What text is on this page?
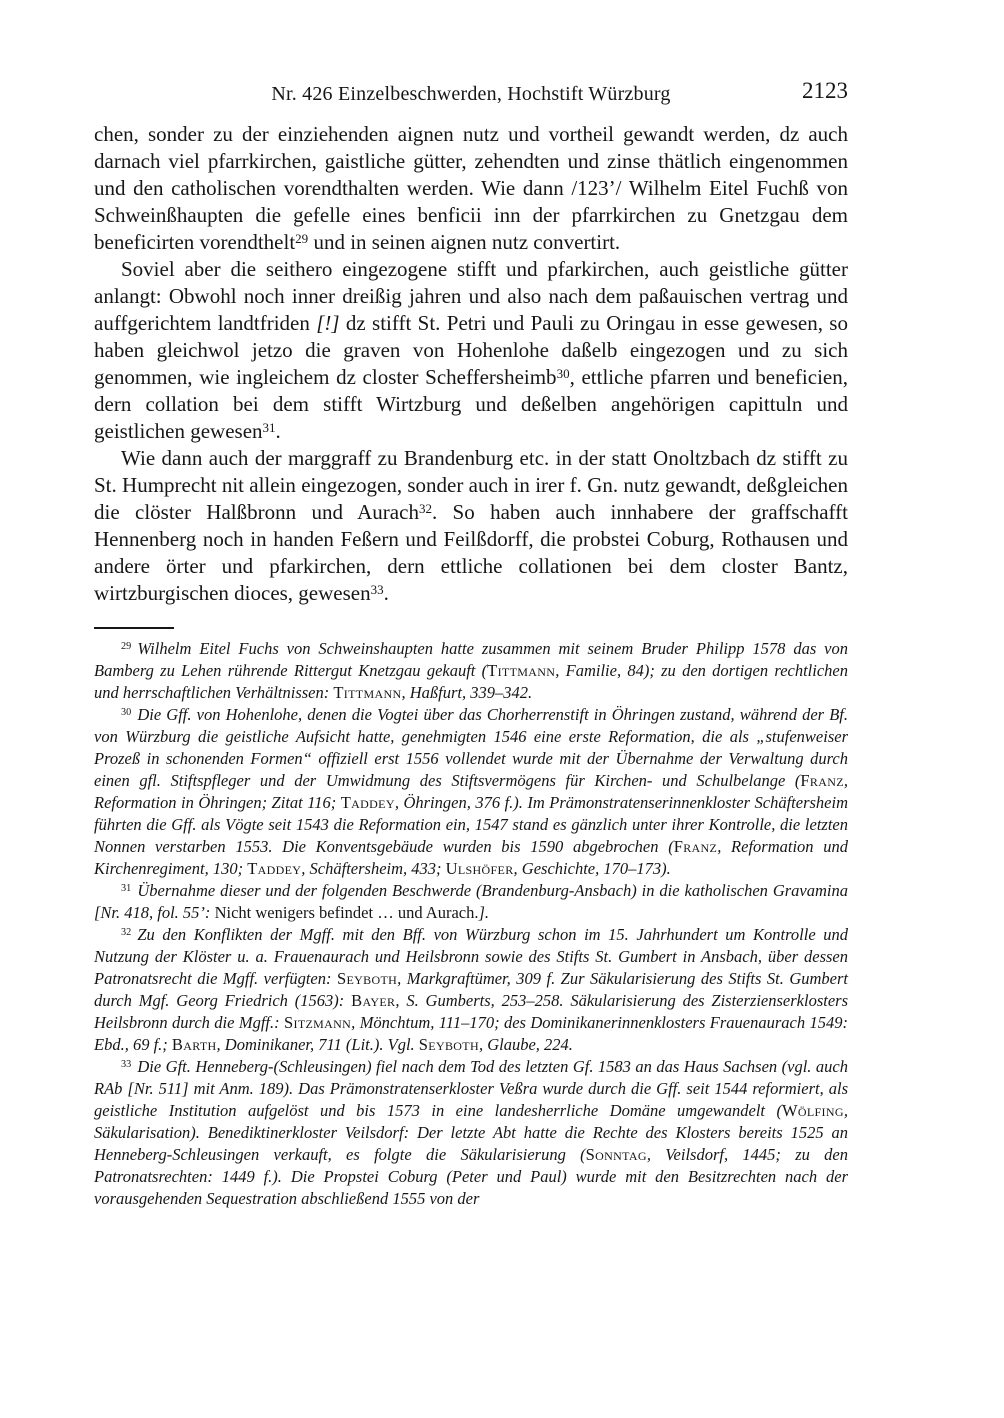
Nr. 426 Einzelbeschwerden, Hochstift Würzburg	2123

chen, sonder zu der einziehenden aignen nutz und vortheil gewandt werden, dz auch darnach viel pfarrkirchen, gaistliche gütter, zehendten und zinse thätlich eingenommen und den catholischen vorendthalten werden. Wie dann /123’/ Wilhelm Eitel Fuchß von Schweinßhaupten die gefelle eines benficii inn der pfarrkirchen zu Gnetzgau dem beneficirten vorendthelt$^{29}$ und in seinen aignen nutz convertirt.

Soviel aber die seithero eingezogene stifft und pfarkirchen, auch geistliche gütter anlangt: Obwohl noch inner dreißig jahren und also nach dem paßauischen vertrag und auffgerichtem landtfriden [!] dz stifft St. Petri und Pauli zu Oringau in esse gewesen, so haben gleichwol jetzo die graven von Hohenlohe daßelb eingezogen und zu sich genommen, wie ingleichem dz closter Scheffersheimb$^{30}$, ettliche pfarren und beneficien, dern collation bei dem stifft Wirtzburg und deßelben angehörigen capittuln und geistlichen gewesen$^{31}$.

Wie dann auch der marggraff zu Brandenburg etc. in der statt Onoltzbach dz stifft zu St. Humprecht nit allein eingezogen, sonder auch in irer f. Gn. nutz gewandt, deßgleichen die clöster Halßbronn und Aurach$^{32}$. So haben auch innhabere der graffschafft Hennenberg noch in handen Feßern und Feilßdorff, die probstei Coburg, Rothausen und andere örter und pfarkirchen, dern ettliche collationen bei dem closter Bantz, wirtzburgischen dioces, gewesen$^{33}$.

$^{29}$ Wilhelm Eitel Fuchs von Schweinshaupten hatte zusammen mit seinem Bruder Philipp 1578 das von Bamberg zu Lehen rührende Rittergut Knetzgau gekauft (Tittmann, Familie, 84); zu den dortigen rechtlichen und herrschaftlichen Verhältnissen: Tittmann, Haßfurt, 339–342.

$^{30}$ Die Gff. von Hohenlohe, denen die Vogtei über das Chorherrenstift in Öhringen zustand, während der Bf. von Würzburg die geistliche Aufsicht hatte, genehmigten 1546 eine erste Reformation, die als „stufenweiser Prozeß in schonenden Formen“ offiziell erst 1556 vollendet wurde mit der Übernahme der Verwaltung durch einen gfl. Stiftspfleger und der Umwidmung des Stiftsvermögens für Kirchen- und Schulbelange (Franz, Reformation in Öhringen; Zitat 116; Taddey, Öhringen, 376 f.). Im Prämonstratenserinnenkloster Schäftersheim führten die Gff. als Vögte seit 1543 die Reformation ein, 1547 stand es gänzlich unter ihrer Kontrolle, die letzten Nonnen verstarben 1553. Die Konventsgebäude wurden bis 1590 abgebrochen (Franz, Reformation und Kirchenregiment, 130; Taddey, Schäftersheim, 433; Ulshöfer, Geschichte, 170–173).

$^{31}$ Übernahme dieser und der folgenden Beschwerde (Brandenburg-Ansbach) in die katholischen Gravamina [Nr. 418, fol. 55’: Nicht wenigers befindet … und Aurach.].

$^{32}$ Zu den Konflikten der Mgff. mit den Bff. von Würzburg schon im 15. Jahrhundert um Kontrolle und Nutzung der Klöster u. a. Frauenaurach und Heilsbronn sowie des Stifts St. Gumbert in Ansbach, über dessen Patronatsrecht die Mgff. verfügten: Seyboth, Markgraftümer, 309 f. Zur Säkularisierung des Stifts St. Gumbert durch Mgf. Georg Friedrich (1563): Bayer, S. Gumberts, 253–258. Säkularisierung des Zisterzienserklosters Heilsbronn durch die Mgff.: Sitzmann, Mönchtum, 111–170; des Dominikanerinnenklosters Frauenaurach 1549: Ebd., 69 f.; Barth, Dominikaner, 711 (Lit.). Vgl. Seyboth, Glaube, 224.

$^{33}$ Die Gft. Henneberg-(Schleusingen) fiel nach dem Tod des letzten Gf. 1583 an das Haus Sachsen (vgl. auch RAb [Nr. 511] mit Anm. 189). Das Prämonstratenserkloster Veßra wurde durch die Gff. seit 1544 reformiert, als geistliche Institution aufgelöst und bis 1573 in eine landesherrliche Domäne umgewandelt (Wölfing, Säkularisation). Benediktinerkloster Veilsdorf: Der letzte Abt hatte die Rechte des Klosters bereits 1525 an Henneberg-Schleusingen verkauft, es folgte die Säkularisierung (Sonntag, Veilsdorf, 1445; zu den Patronatsrechten: 1449 f.). Die Propstei Coburg (Peter und Paul) wurde mit den Besitzrechten nach der vorausgehenden Sequestration abschließend 1555 von der
